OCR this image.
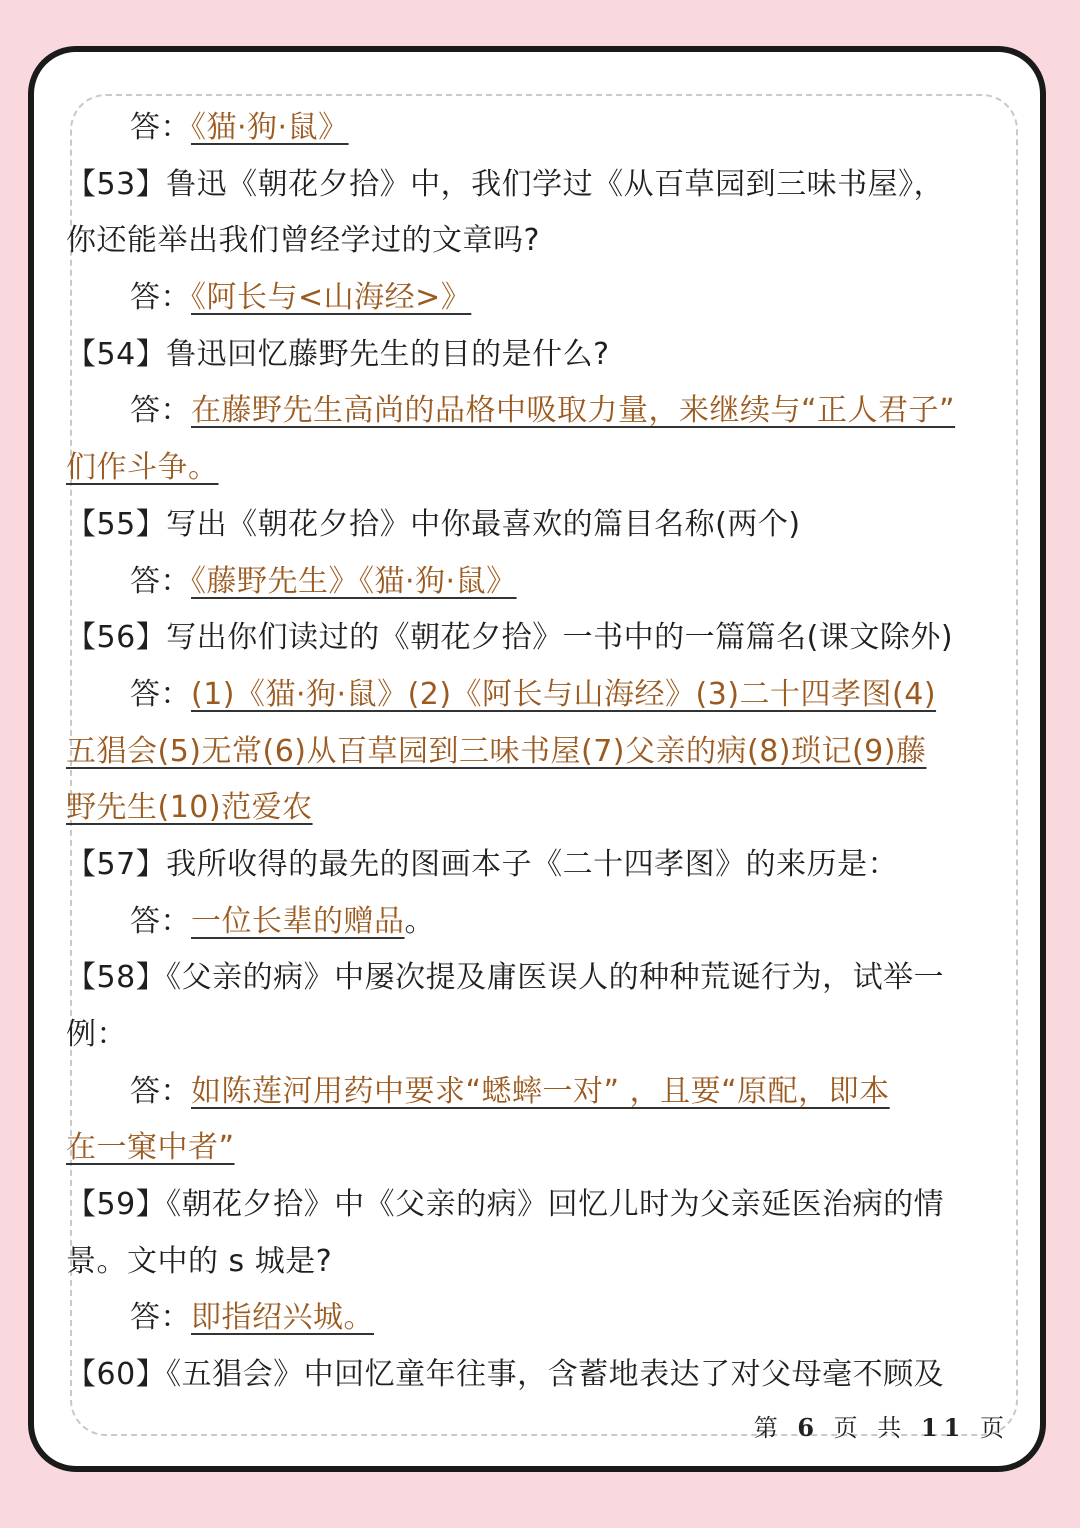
答：《猫·狗·鼠》
【53】鲁迅《朝花夕拾》中，我们学过《从百草园到三味书屋》，
你还能举出我们曾经学过的文章吗?
答：《阿长与<山海经>》
【54】鲁迅回忆藤野先生的目的是什么?
答：在藤野先生高尚的品格中吸取力量，来继续与“正人君子”
们作斗争。
【55】写出《朝花夕拾》中你最喜欢的篇目名称(两个)
答：《藤野先生》《猫·狗·鼠》
【56】写出你们读过的《朝花夕拾》一书中的一篇篇名(课文除外)
答：(1)《猫·狗·鼠》(2)《阿长与山海经》(3)二十四孝图(4)
五猖会(5)无常(6)从百草园到三味书屋(7)父亲的病(8)琐记(9)藤
野先生(10)范爱农
【57】我所收得的最先的图画本子《二十四孝图》的来历是：
答：一位长辈的赠品。
【58】《父亲的病》中屡次提及庸医误人的种种荒诞行为，试举一
例：
答：如陈莲河用药中要求“蟋蟀一对” ，且要“原配，即本
在一窠中者”
【59】《朝花夕拾》中《父亲的病》回忆儿时为父亲延医治病的情
景。文中的 s 城是?
答：即指绍兴城。
【60】《五猖会》中回忆童年往事，含蓄地表达了对父母毫不顾及
第 6 页 共 11 页
